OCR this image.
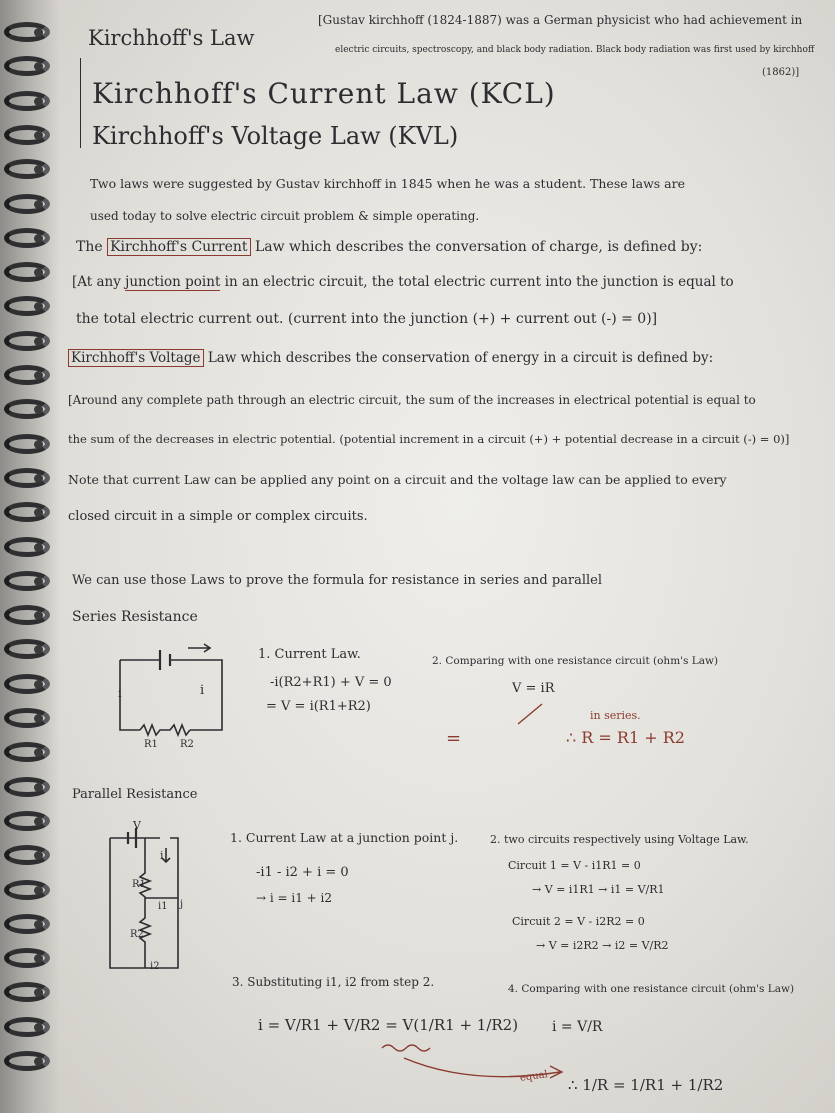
Kirchhoff's Law
Kirchhoff's Current Law (KCL)
Kirchhoff's Voltage Law (KVL)
[Gustav kirchhoff (1824-1887) was a German physicist who had achievement in
electric circuits, spectroscopy, and black body radiation. Black body radiation was first used by kirchhoff
(1862)]
Two laws were suggested by Gustav kirchhoff in 1845 when he was a student. These laws are
used today to solve electric circuit problem & simple operating.
The Kirchhoff's Current Law which describes the conversation of charge, is defined by:
[At any junction point in an electric circuit, the total electric current into the junction is equal to
the total electric current out. (current into the junction (+) + current out (-) = 0)]
Kirchhoff's Voltage Law which describes the conservation of energy in a circuit is defined by:
[Around any complete path through an electric circuit, the sum of the increases in electrical potential is equal to
the sum of the decreases in electric potential. (potential increment in a circuit (+) + potential decrease in a circuit (-) = 0)]
Note that current Law can be applied any point on a circuit and the voltage law can be applied to every
closed circuit in a simple or complex circuits.
We can use those Laws to prove the formula for resistance in series and parallel
Series Resistance
i	i
R1 R2
1. Current Law.
-i(R2+R1) + V = 0
= V = i(R1+R2)
2. Comparing with one resistance circuit (ohm's Law)
V = iR
=
in series.
∴ R = R1 + R2
Parallel Resistance
V
i
R1
i1 j
R2
i2
1. Current Law at a junction point j.
-i1 - i2 + i = 0
→ i = i1 + i2
2. two circuits respectively using Voltage Law.
Circuit 1 = V - i1R1 = 0
→ V = i1R1 → i1 = V/R1
Circuit 2 = V - i2R2 = 0
→ V = i2R2 → i2 = V/R2
3. Substituting i1, i2 from step 2.
i = V/R1 + V/R2 = V(1/R1 + 1/R2)
4. Comparing with one resistance circuit (ohm's Law)
i = V/R
equal ∴ 1/R = 1/R1 + 1/R2
